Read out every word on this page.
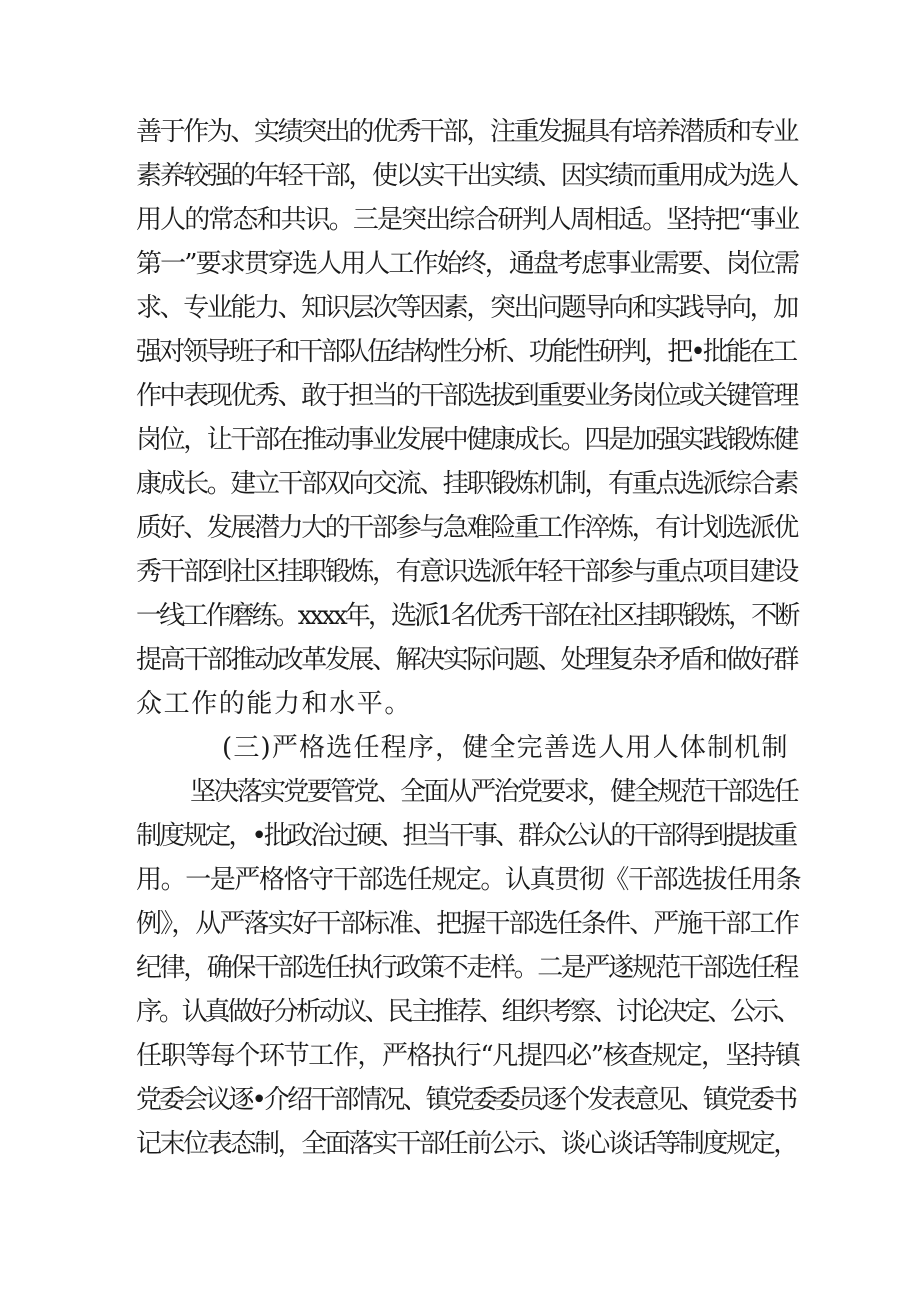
善于作为、实绩突出的优秀干部，注重发掘具有培养潜质和专业
素养较强的年轻干部，使以实干出实绩、因实绩而重用成为选人
用人的常态和共识。三是突出综合研判人周相适。坚持把“事业
第一”要求贯穿选人用人工作始终，通盘考虑事业需要、岗位需
求、专业能力、知识层次等因素，突出问题导向和实践导向，加
强对领导班子和干部队伍结构性分析、功能性研判，把•批能在工
作中表现优秀、敢于担当的干部选拔到重要业务岗位或关键管理
岗位，让干部在推动事业发展中健康成长。四是加强实践锻炼健
康成长。建立干部双向交流、挂职锻炼机制，有重点选派综合素
质好、发展潜力大的干部参与急难险重工作淬炼，有计划选派优
秀干部到社区挂职锻炼，有意识选派年轻干部参与重点项目建设
一线工作磨练。xxxx年，选派1名优秀干部在社区挂职锻炼，不断
提高干部推动改革发展、解决实际问题、处理复杂矛盾和做好群
众工作的能力和水平。
(三)严格选任程序，健全完善选人用人体制机制
坚决落实党要管党、全面从严治党要求，健全规范干部选任
制度规定，•批政治过硬、担当干事、群众公认的干部得到提拔重
用。一是严格恪守干部选任规定。认真贯彻《干部选拔任用条
例》，从严落实好干部标准、把握干部选任条件、严施干部工作
纪律，确保干部选任执行政策不走样。二是严遂规范干部选任程
序。认真做好分析动议、民主推荐、组织考察、讨论决定、公示、
任职等每个环节工作，严格执行“凡提四必”核查规定，坚持镇
党委会议逐•介绍干部情况、镇党委委员逐个发表意见、镇党委书
记末位表态制，全面落实干部任前公示、谈心谈话等制度规定，
